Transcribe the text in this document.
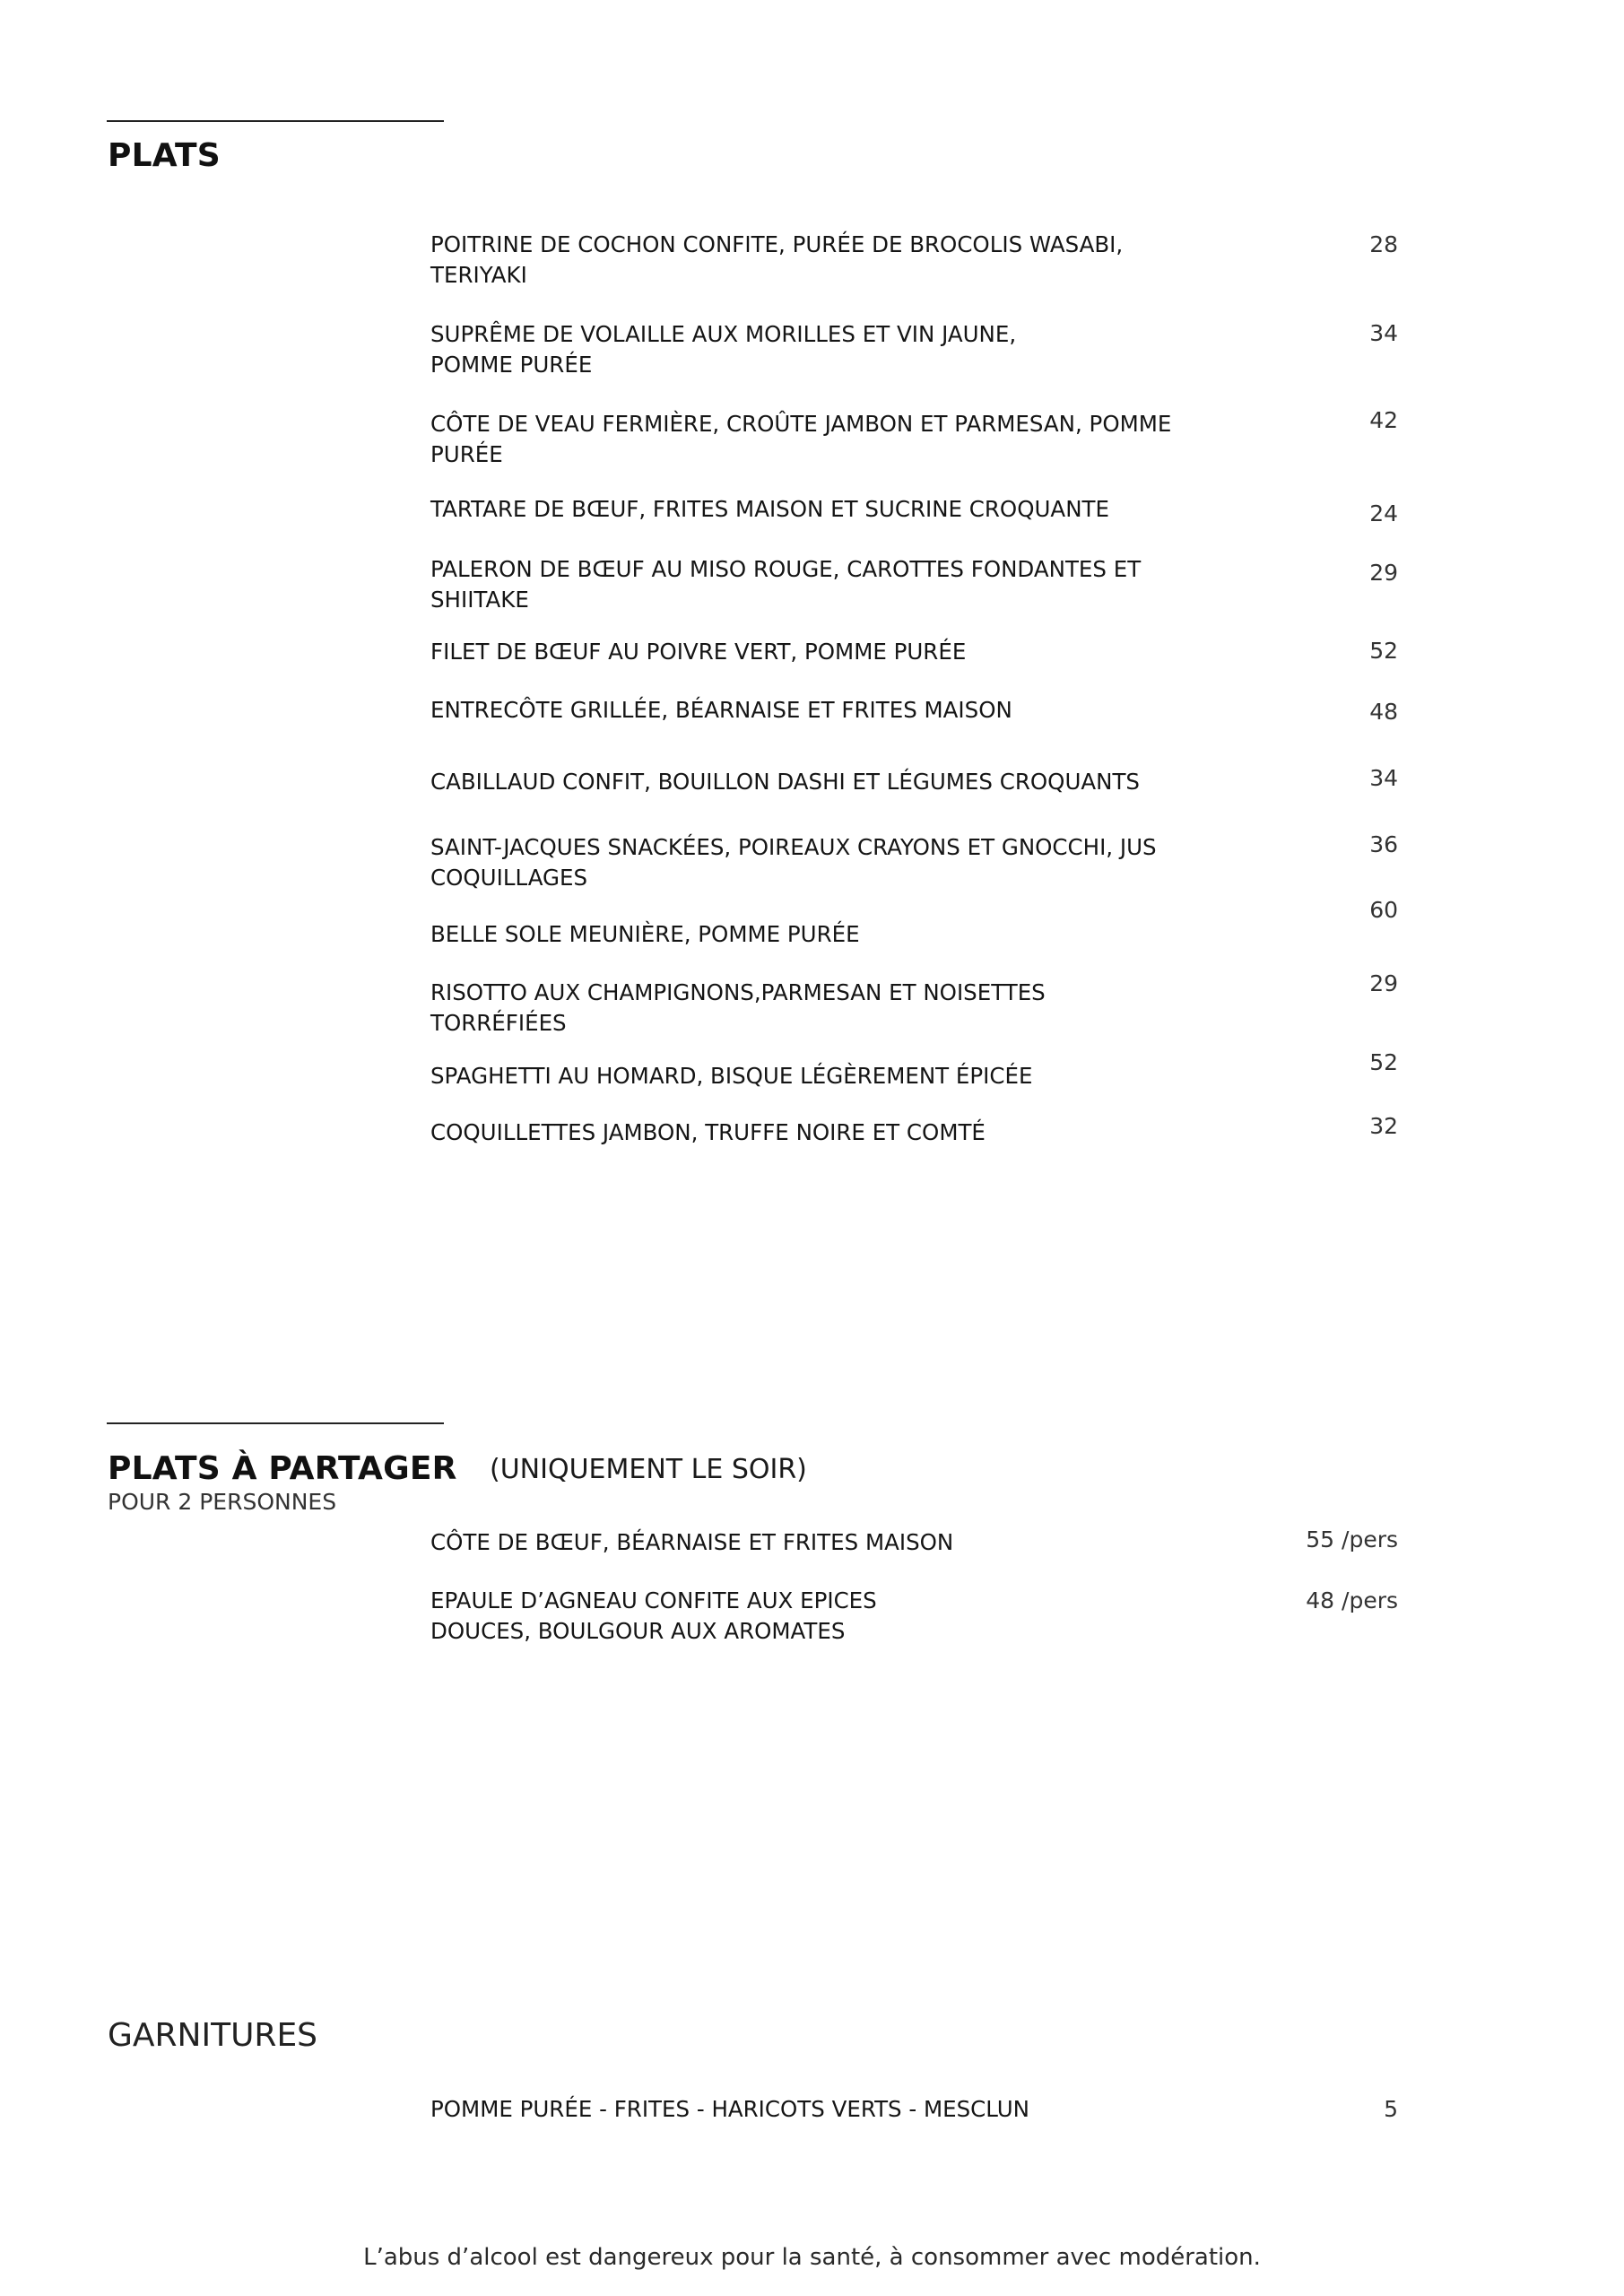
PLATS
POITRINE DE COCHON CONFITE, PURÉE DE BROCOLIS WASABI,
TERIYAKI
28
SUPRÊME DE VOLAILLE AUX MORILLES ET VIN JAUNE,
POMME PURÉE
34
CÔTE DE VEAU FERMIÈRE, CROÛTE JAMBON ET PARMESAN, POMME
PURÉE
42
TARTARE DE BŒUF, FRITES MAISON ET SUCRINE CROQUANTE	24
PALERON DE BŒUF AU MISO ROUGE, CAROTTES FONDANTES ET
SHIITAKE
29
FILET DE BŒUF AU POIVRE VERT, POMME PURÉE	52
ENTRECÔTE GRILLÉE, BÉARNAISE ET FRITES MAISON	48
CABILLAUD CONFIT, BOUILLON DASHI ET LÉGUMES CROQUANTS	34
SAINT-JACQUES SNACKÉES, POIREAUX CRAYONS ET GNOCCHI, JUS
COQUILLAGES
36
BELLE SOLE MEUNIÈRE, POMME PURÉE
60
RISOTTO AUX CHAMPIGNONS,PARMESAN ET NOISETTES
TORRÉFIÉES
29
SPAGHETTI AU HOMARD, BISQUE LÉGÈREMENT ÉPICÉE
52
COQUILLETTES JAMBON, TRUFFE NOIRE ET COMTÉ	32
PLATS À PARTAGER (UNIQUEMENT LE SOIR)
POUR 2 PERSONNES
CÔTE DE BŒUF, BÉARNAISE ET FRITES MAISON	55 /pers
EPAULE D’AGNEAU CONFITE AUX EPICES
DOUCES, BOULGOUR AUX AROMATES
48 /pers
GARNITURES
POMME PURÉE - FRITES - HARICOTS VERTS - MESCLUN	5
L’abus d’alcool est dangereux pour la santé, à consommer avec modération.
